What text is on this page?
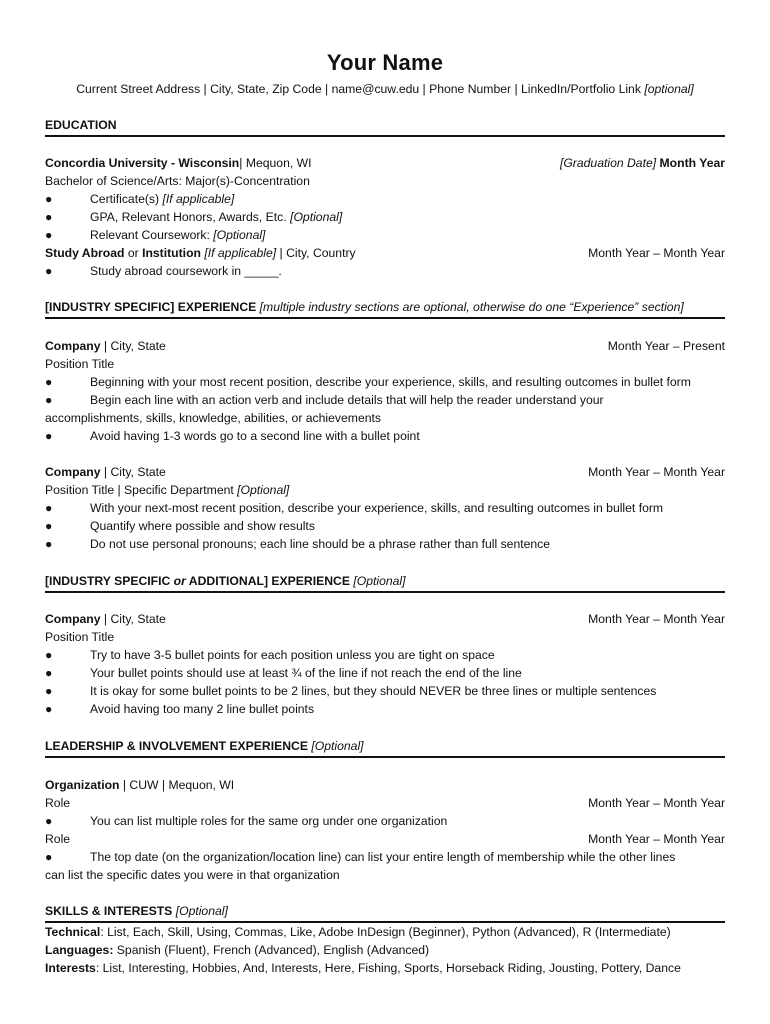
Your Name
Current Street Address | City, State, Zip Code | name@cuw.edu | Phone Number | LinkedIn/Portfolio Link [optional]
EDUCATION
Concordia University - Wisconsin| Mequon, WI	[Graduation Date] Month Year
Bachelor of Science/Arts: Major(s)-Concentration
●	Certificate(s) [If applicable]
●	GPA, Relevant Honors, Awards, Etc. [Optional]
●	Relevant Coursework: [Optional]
Study Abroad or Institution [If applicable] | City, Country	Month Year – Month Year
●	Study abroad coursework in _____.
[INDUSTRY SPECIFIC] EXPERIENCE [multiple industry sections are optional, otherwise do one “Experience” section]
Company | City, State	Month Year – Present
Position Title
●	Beginning with your most recent position, describe your experience, skills, and resulting outcomes in bullet form
●	Begin each line with an action verb and include details that will help the reader understand your
accomplishments, skills, knowledge, abilities, or achievements
●	Avoid having 1-3 words go to a second line with a bullet point
Company | City, State	Month Year – Month Year
Position Title | Specific Department [Optional]
●	With your next-most recent position, describe your experience, skills, and resulting outcomes in bullet form
●	Quantify where possible and show results
●	Do not use personal pronouns; each line should be a phrase rather than full sentence
[INDUSTRY SPECIFIC or ADDITIONAL] EXPERIENCE [Optional]
Company | City, State	Month Year – Month Year
Position Title
●	Try to have 3-5 bullet points for each position unless you are tight on space
●	Your bullet points should use at least ¾ of the line if not reach the end of the line
●	It is okay for some bullet points to be 2 lines, but they should NEVER be three lines or multiple sentences
●	Avoid having too many 2 line bullet points
LEADERSHIP & INVOLVEMENT EXPERIENCE [Optional]
Organization | CUW | Mequon, WI
Role	Month Year – Month Year
●	You can list multiple roles for the same org under one organization
Role	Month Year – Month Year
●	The top date (on the organization/location line) can list your entire length of membership while the other lines
can list the specific dates you were in that organization
SKILLS & INTERESTS [Optional]
Technical: List, Each, Skill, Using, Commas, Like, Adobe InDesign (Beginner), Python (Advanced), R (Intermediate)
Languages: Spanish (Fluent), French (Advanced), English (Advanced)
Interests: List, Interesting, Hobbies, And, Interests, Here, Fishing, Sports, Horseback Riding, Jousting, Pottery, Dance
